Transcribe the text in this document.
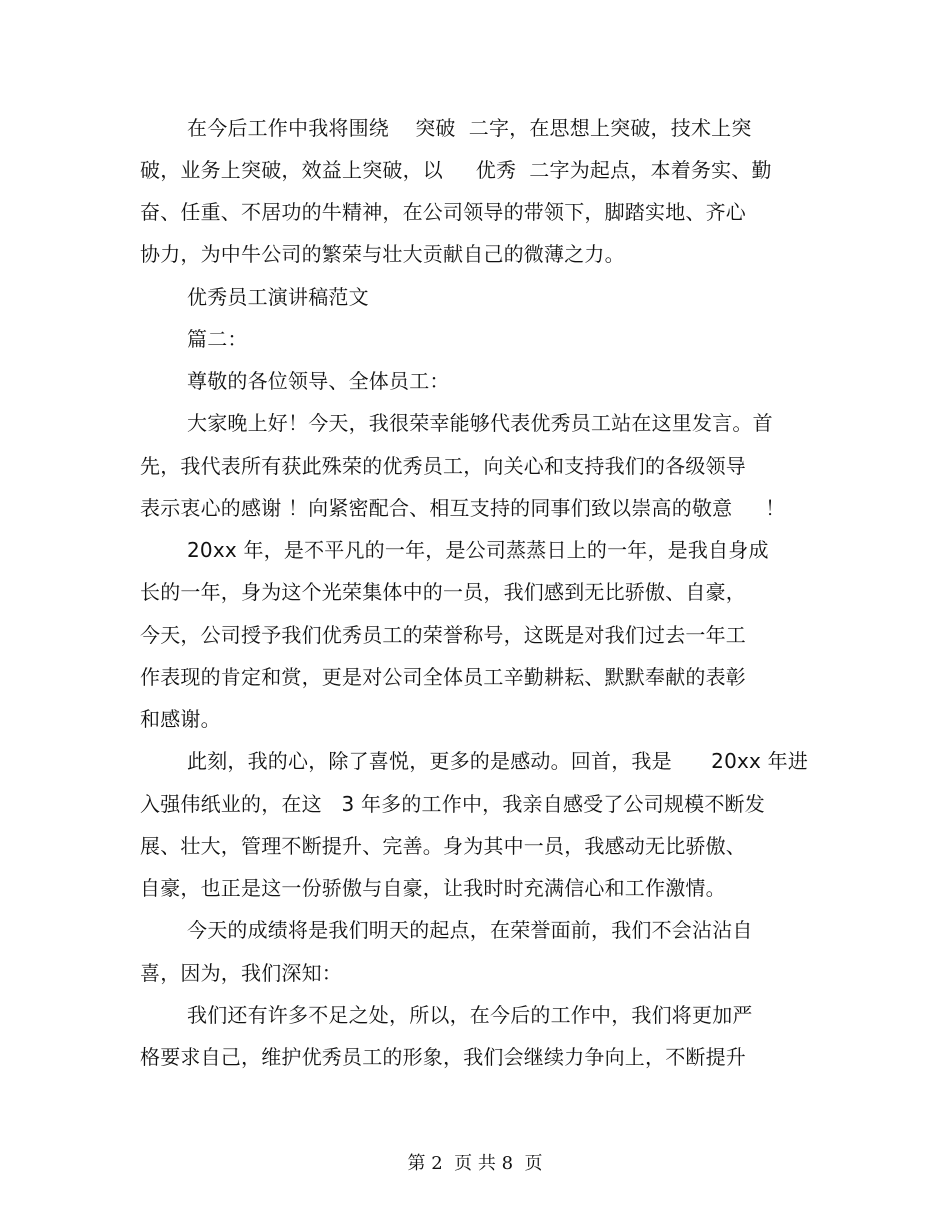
在今后工作中我将围绕    突破  二字，在思想上突破，技术上突
破，业务上突破，效益上突破，以     优秀  二字为起点，本着务实、勤
奋、任重、不居功的牛精神，在公司领导的带领下，脚踏实地、齐心
协力，为中牛公司的繁荣与壮大贡献自己的微薄之力。
优秀员工演讲稿范文
篇二：
尊敬的各位领导、全体员工：
大家晚上好！今天，我很荣幸能够代表优秀员工站在这里发言。首
先，我代表所有获此殊荣的优秀员工，向关心和支持我们的各级领导
表示衷心的感谢 ！向紧密配合、相互支持的同事们致以崇高的敬意     ！
20xx 年，是不平凡的一年，是公司蒸蒸日上的一年，是我自身成
长的一年，身为这个光荣集体中的一员，我们感到无比骄傲、自豪，
今天，公司授予我们优秀员工的荣誉称号，这既是对我们过去一年工
作表现的肯定和赏，更是对公司全体员工辛勤耕耘、默默奉献的表彰
和感谢。
此刻，我的心，除了喜悦，更多的是感动。回首，我是      20xx 年进
入强伟纸业的，在这   3 年多的工作中，我亲自感受了公司规模不断发
展、壮大，管理不断提升、完善。身为其中一员，我感动无比骄傲、
自豪，也正是这一份骄傲与自豪，让我时时充满信心和工作激情。
今天的成绩将是我们明天的起点，在荣誉面前，我们不会沾沾自
喜，因为，我们深知：
我们还有许多不足之处，所以，在今后的工作中，我们将更加严
格要求自己，维护优秀员工的形象，我们会继续力争向上，不断提升
第 2  页 共 8  页
